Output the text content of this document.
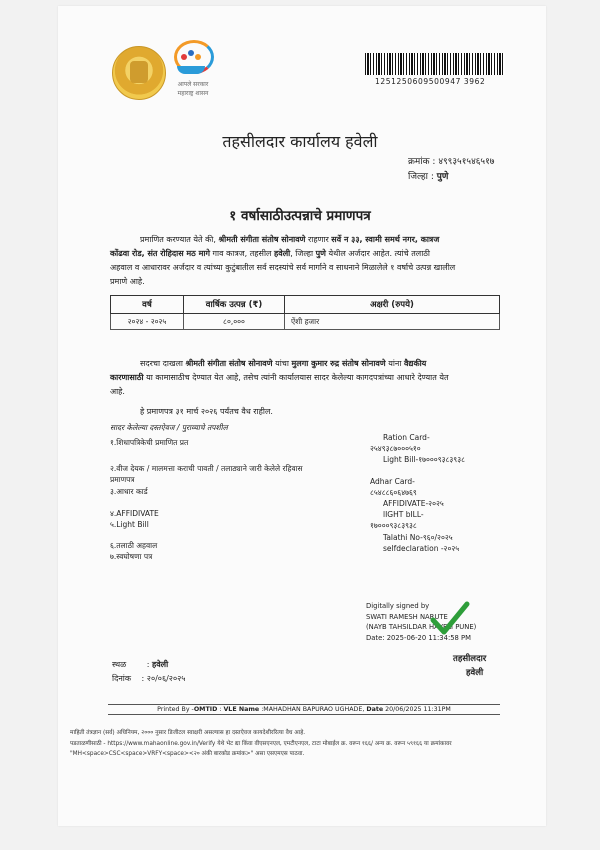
आपले सरकार
महाराष्ट्र शासन
1251250609500947 3962
तहसीलदार कार्यालय हवेली
क्रमांक : ४९९३५१५४६५१७
जिल्हा : पुणे
१ वर्षासाठीउत्पन्नाचे प्रमाणपत्र
प्रमाणित करण्यात येते की, श्रीमती संगीता संतोष सोनावणे राहणार सर्वे न ३३, स्वामी समर्थ नगर, कात्रज
कोंढवा रोड, संत रोहिदास मठ मागे गाव कात्रज, तहसील हवेली, जिल्हा पुणे येथील अर्जदार आहेत. त्यांचे तलाठी
अहवाल व आधारावर अर्जदार व त्यांच्या कुटुंबातील सर्व सदस्यांचे सर्व मार्गाने व साधनाने मिळालेले १ वर्षाचे उत्पन्न खालील
प्रमाणे आहे.
वर्ष	वार्षिक उत्पन्न (₹)	अक्षरी (रुपये)
२०२४ - २०२५	८०,०००	ऐंशी हजार
सदरचा दाखला श्रीमती संगीता संतोष सोनावणे यांचा मुलगा कुमार रुद्र संतोष सोनावणे यांना वैद्यकीय
कारणासाठी या कामासाठीच देण्यात येत आहे, तसेच त्यांनी कार्यालयास सादर केलेल्या कागदपत्रांच्या आधारे देण्यात येत
आहे.
हे प्रमाणपत्र ३१ मार्च २०२६ पर्यंतच वैध राहील.
सादर केलेल्या दस्तऐवज / पुराव्याचे तपशील
१.शिधापत्रिकेची प्रमाणित प्रत
२.वीज देयक / मालमत्ता कराची पावती / तलाठ्याने जारी केलेले रहिवास
प्रमाणपत्र
३.आधार कार्ड
४.AFFIDIVATE
५.Light Bill
६.तलाठी अहवाल
७.स्वघोषणा पत्र
Ration Card-
२५४९३८७०००५१०
Light Bill-१७०००९३८३९३८
Adhar Card-
८५४८८६०६४७६९
AFFIDIVATE-२०२५
lIGHT bILL-
१७०००९३८३९३८
Talathi No-९६०/२०२५
selfdeclaration -२०२५
Digitally signed by
SWATI RAMESH NARUTE
(NAYB TAHSILDAR HAVELI PUNE)
Date: 2025-06-20 11:34:58 PM
स्थळ	: हवेली
दिनांक : २०/०६/२०२५
तहसीलदार
हवेली
Printed By -OMTID : VLE Name :MAHADHAN BAPURAO UGHADE, Date 20/06/2025 11:31PM
माहिती तंत्रज्ञान (सर्व) अधिनियम, २००० नुसार डिजीटल स्वाक्षरी असल्यास हा दस्तऐवज कायदेशीररित्या वैध आहे.
पडताळणीसाठी - https://www.mahaonline.gov.in/Verify येथे भेट द्या किंवा वीएसएनएल, एमटीएनएल, टाटा मोबाईल क्र. वरून १६६/ अन्य क्र. वरून ५९१६६ या क्रमांकावर
"MH<space>CSC<space>VRFY<space><२० अंकी बारकोड क्रमांक>" असा एसएमएस पाठवा.
